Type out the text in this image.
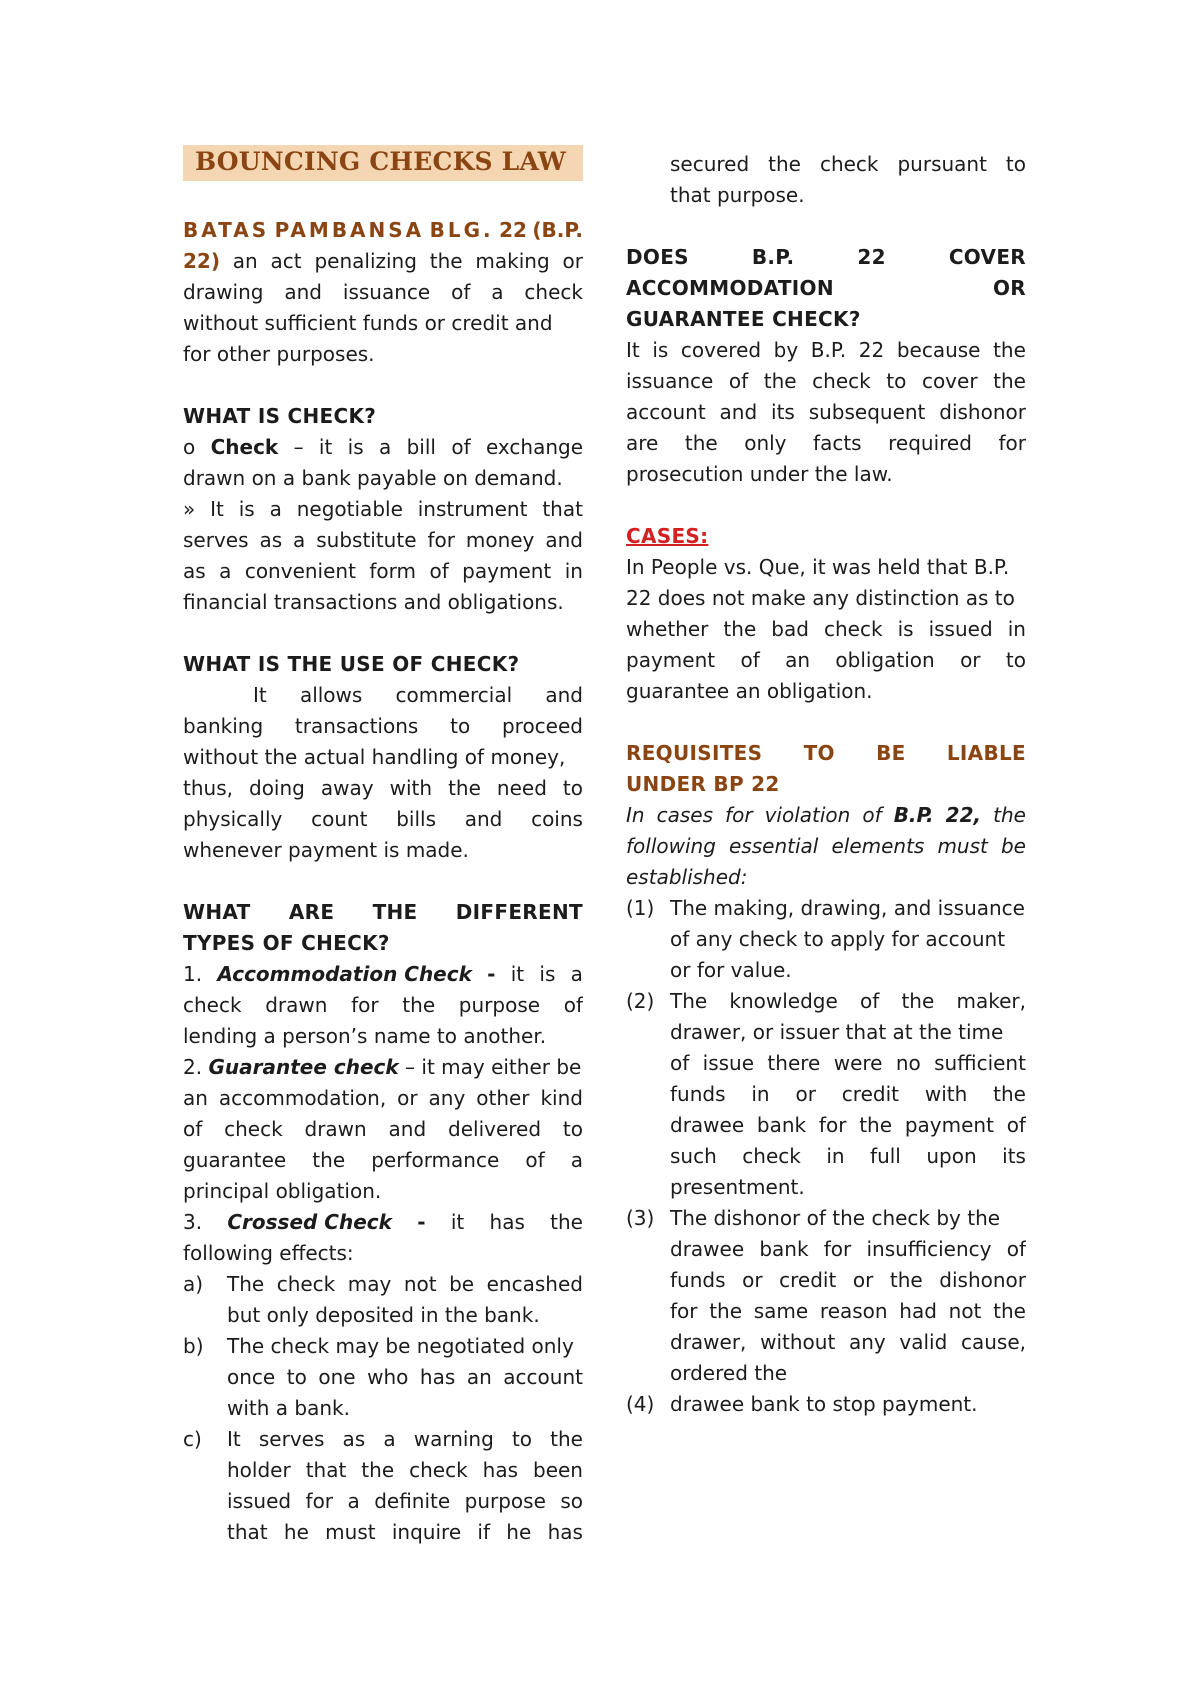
BOUNCING CHECKS LAW
BATAS PAMBANSA BLG. 22 (B.P.
22) an act penalizing the making or
drawing and issuance of a check
without sufficient funds or credit and
for other purposes.
WHAT IS CHECK?
o Check – it is a bill of exchange
drawn on a bank payable on demand.
» It is a negotiable instrument that
serves as a substitute for money and
as a convenient form of payment in
financial transactions and obligations.
WHAT IS THE USE OF CHECK?
It allows commercial and
banking transactions to proceed
without the actual handling of money,
thus, doing away with the need to
physically count bills and coins
whenever payment is made.
WHAT ARE THE DIFFERENT
TYPES OF CHECK?
1. Accommodation Check - it is a
check drawn for the purpose of
lending a person’s name to another.
2. Guarantee check – it may either be
an accommodation, or any other kind
of check drawn and delivered to
guarantee the performance of a
principal obligation.
3. Crossed Check - it has the
following effects:
a) The check may not be encashed
but only deposited in the bank.
b) The check may be negotiated only
once to one who has an account
with a bank.
c) It serves as a warning to the
holder that the check has been
issued for a definite purpose so
that he must inquire if he has
secured the check pursuant to
that purpose.
DOES	B.P.	22	COVER
ACCOMMODATION	OR
GUARANTEE CHECK?
It is covered by B.P. 22 because the
issuance of the check to cover the
account and its subsequent dishonor
are the only facts required for
prosecution under the law.
CASES:
In People vs. Que, it was held that B.P.
22 does not make any distinction as to
whether the bad check is issued in
payment of an obligation or to
guarantee an obligation.
REQUISITES TO BE LIABLE
UNDER BP 22
In cases for violation of B.P. 22, the
following essential elements must be
established:
(1) The making, drawing, and issuance
of any check to apply for account
or for value.
(2) The knowledge of the maker,
drawer, or issuer that at the time
of issue there were no sufficient
funds in or credit with the
drawee bank for the payment of
such check in full upon its
presentment.
(3) The dishonor of the check by the
drawee bank for insufficiency of
funds or credit or the dishonor
for the same reason had not the
drawer, without any valid cause,
ordered the
(4) drawee bank to stop payment.
